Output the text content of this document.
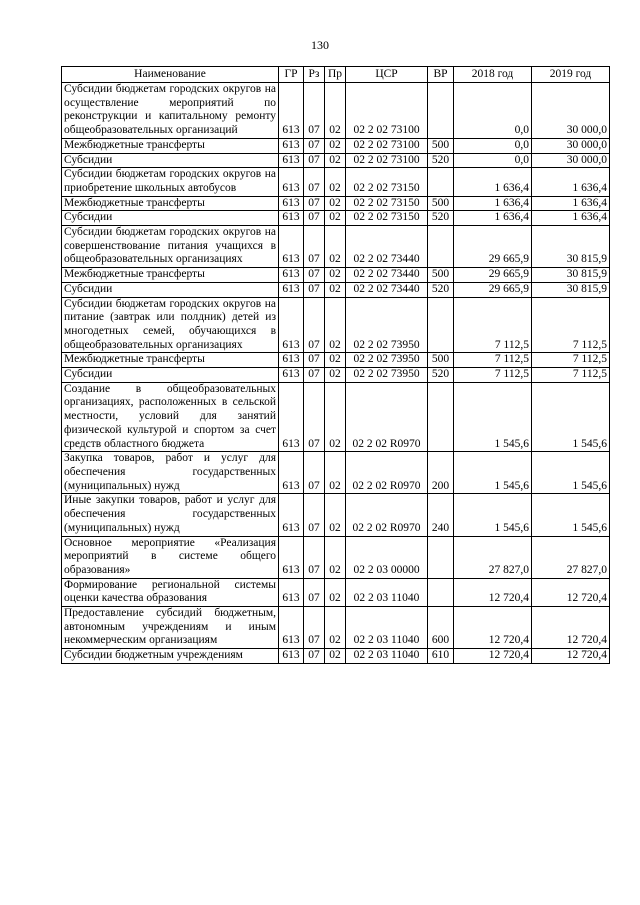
130
Наименование	ГР	Рз	Пр	ЦСР	ВР	2018 год	2019 год
Субсидии бюджетам городских округов на осуществление мероприятий по реконструкции и капитальному ремонту общеобразовательных организаций	613	07	02	02 2 02 73100		0,0	30 000,0
Межбюджетные трансферты	613	07	02	02 2 02 73100	500	0,0	30 000,0
Субсидии	613	07	02	02 2 02 73100	520	0,0	30 000,0
Субсидии бюджетам городских округов на приобретение школьных автобусов	613	07	02	02 2 02 73150		1 636,4	1 636,4
Межбюджетные трансферты	613	07	02	02 2 02 73150	500	1 636,4	1 636,4
Субсидии	613	07	02	02 2 02 73150	520	1 636,4	1 636,4
Субсидии бюджетам городских округов на совершенствование питания учащихся в общеобразовательных организациях	613	07	02	02 2 02 73440		29 665,9	30 815,9
Межбюджетные трансферты	613	07	02	02 2 02 73440	500	29 665,9	30 815,9
Субсидии	613	07	02	02 2 02 73440	520	29 665,9	30 815,9
Субсидии бюджетам городских округов на питание (завтрак или полдник) детей из многодетных семей, обучающихся в общеобразовательных организациях	613	07	02	02 2 02 73950		7 112,5	7 112,5
Межбюджетные трансферты	613	07	02	02 2 02 73950	500	7 112,5	7 112,5
Субсидии	613	07	02	02 2 02 73950	520	7 112,5	7 112,5
Создание в общеобразовательных организациях, расположенных в сельской местности, условий для занятий физической культурой и спортом за счет средств областного бюджета	613	07	02	02 2 02 R0970		1 545,6	1 545,6
Закупка товаров, работ и услуг для обеспечения государственных (муниципальных) нужд	613	07	02	02 2 02 R0970	200	1 545,6	1 545,6
Иные закупки товаров, работ и услуг для обеспечения государственных (муниципальных) нужд	613	07	02	02 2 02 R0970	240	1 545,6	1 545,6
Основное мероприятие «Реализация мероприятий в системе общего образования»	613	07	02	02 2 03 00000		27 827,0	27 827,0
Формирование региональной системы оценки качества образования	613	07	02	02 2 03 11040		12 720,4	12 720,4
Предоставление субсидий бюджетным, автономным учреждениям и иным некоммерческим организациям	613	07	02	02 2 03 11040	600	12 720,4	12 720,4
Субсидии бюджетным учреждениям	613	07	02	02 2 03 11040	610	12 720,4	12 720,4
